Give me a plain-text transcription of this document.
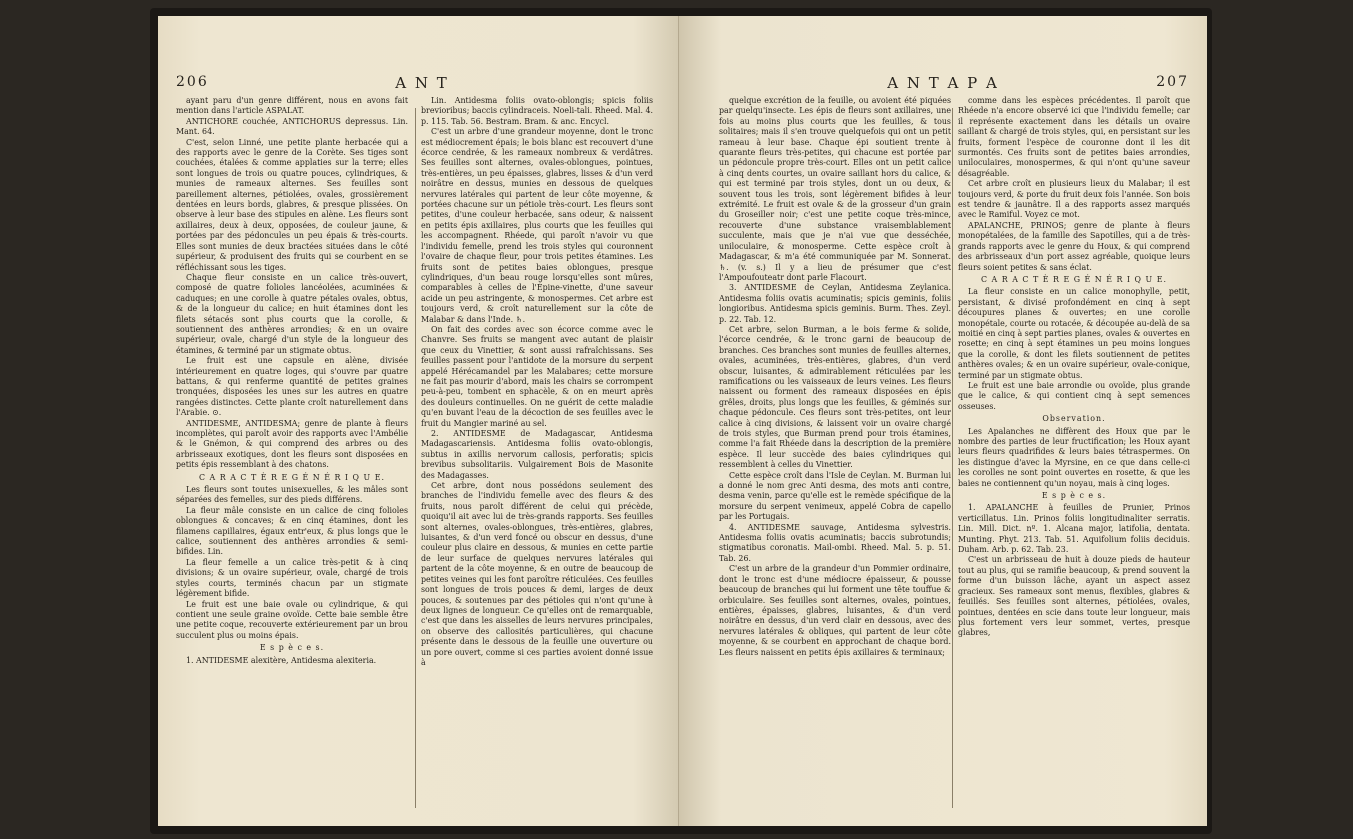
206	A N T

ayant paru d'un genre différent, nous en avons fait mention dans l'article ASPALAT.

ANTICHORE couchée, ANTICHORUS depressus. Lin. Mant. 64.

C'est, selon Linné, une petite plante herbacée qui a des rapports avec le genre de la Corète. Ses tiges sont couchées, étalées & comme applaties sur la terre; elles sont longues de trois ou quatre pouces, cylindriques, & munies de rameaux alternes. Ses feuilles sont pareillement alternes, pétiolées, ovales, grossièrement dentées en leurs bords, glabres, & presque plissées. On observe à leur base des stipules en alène. Les fleurs sont axillaires, deux à deux, opposées, de couleur jaune, & portées par des pédoncules un peu épais & très-courts. Elles sont munies de deux bractées situées dans le côté supérieur, & produisent des fruits qui se courbent en se réfléchissant sous les tiges.

Chaque fleur consiste en un calice très-ouvert, composé de quatre folioles lancéolées, acuminées & caduques; en une corolle à quatre pétales ovales, obtus, & de la longueur du calice; en huit étamines dont les filets sétacés sont plus courts que la corolle, & soutiennent des anthères arrondies; & en un ovaire supérieur, ovale, chargé d'un style de la longueur des étamines, & terminé par un stigmate obtus.

Le fruit est une capsule en alène, divisée intérieurement en quatre loges, qui s'ouvre par quatre battans, & qui renferme quantité de petites graines tronquées, disposées les unes sur les autres en quatre rangées distinctes. Cette plante croît naturellement dans l'Arabie. ⊙.

ANTIDESME, ANTIDESMA; genre de plante à fleurs incomplètes, qui paroît avoir des rapports avec l'Ambélie & le Gnémon, & qui comprend des arbres ou des arbrisseaux exotiques, dont les fleurs sont disposées en petits épis ressemblant à des chatons.

C A R A C T È R E G É N É R I Q U E.

Les fleurs sont toutes unisexuelles, & les mâles sont séparées des femelles, sur des pieds différens.

La fleur mâle consiste en un calice de cinq folioles oblongues & concaves; & en cinq étamines, dont les filamens capillaires, égaux entr'eux, & plus longs que le calice, soutiennent des anthères arrondies & semi-bifides. Lin.

La fleur femelle a un calice très-petit & à cinq divisions; & un ovaire supérieur, ovale, chargé de trois styles courts, terminés chacun par un stigmate légèrement bifide.

Le fruit est une baie ovale ou cylindrique, & qui contient une seule graine ovoïde. Cette baie semble être une petite coque, recouverte extérieurement par un brou succulent plus ou moins épais.

E s p è c e s.

1. ANTIDESME alexitère, Antidesma alexiteria.

Lin. Antidesma foliis ovato-oblongis; spicis foliis brevioribus; baccis cylindraceis. Noeli-tali. Rheed. Mal. 4. p. 115. Tab. 56. Bestram. Bram. & anc. Encycl.

C'est un arbre d'une grandeur moyenne, dont le tronc est médiocrement épais; le bois blanc est recouvert d'une écorce cendrée, & les rameaux nombreux & verdâtres. Ses feuilles sont alternes, ovales-oblongues, pointues, très-entières, un peu épaisses, glabres, lisses & d'un verd noirâtre en dessus, munies en dessous de quelques nervures latérales qui partent de leur côte moyenne, & portées chacune sur un pétiole très-court. Les fleurs sont petites, d'une couleur herbacée, sans odeur, & naissent en petits épis axillaires, plus courts que les feuilles qui les accompagnent. Rhéede, qui paroît n'avoir vu que l'individu femelle, prend les trois styles qui couronnent l'ovaire de chaque fleur, pour trois petites étamines. Les fruits sont de petites baies oblongues, presque cylindriques, d'un beau rouge lorsqu'elles sont mûres, comparables à celles de l'Épine-vinette, d'une saveur acide un peu astringente, & monospermes. Cet arbre est toujours verd, & croît naturellement sur la côte de Malabar & dans l'Inde. ♄.

On fait des cordes avec son écorce comme avec le Chanvre. Ses fruits se mangent avec autant de plaisir que ceux du Vinettier, & sont aussi rafraîchissans. Ses feuilles passent pour l'antidote de la morsure du serpent appelé Hérécamandel par les Malabares; cette morsure ne fait pas mourir d'abord, mais les chairs se corrompent peu-à-peu, tombent en sphacèle, & on en meurt après des douleurs continuelles. On ne guérit de cette maladie qu'en buvant l'eau de la décoction de ses feuilles avec le fruit du Mangier mariné au sel.

2. ANTIDESME de Madagascar, Antidesma Madagascariensis. Antidesma foliis ovato-oblongis, subtus in axillis nervorum callosis, perforatis; spicis brevibus subsolitariis. Vulgairement Bois de Masonite des Madagasses.

Cet arbre, dont nous possédons seulement des branches de l'individu femelle avec des fleurs & des fruits, nous paroît différent de celui qui précède, quoiqu'il ait avec lui de très-grands rapports. Ses feuilles sont alternes, ovales-oblongues, très-entières, glabres, luisantes, & d'un verd foncé ou obscur en dessus, d'une couleur plus claire en dessous, & munies en cette partie de leur surface de quelques nervures latérales qui partent de la côte moyenne, & en outre de beaucoup de petites veines qui les font paroître réticulées. Ces feuilles sont longues de trois pouces & demi, larges de deux pouces, & soutenues par des pétioles qui n'ont qu'une à deux lignes de longueur. Ce qu'elles ont de remarquable, c'est que dans les aisselles de leurs nervures principales, on observe des callosités particulières, qui chacune présente dans le dessous de la feuille une ouverture ou un pore ouvert, comme si ces parties avoient donné issue à

A N T A P A	207

quelque excrétion de la feuille, ou avoient été piquées par quelqu'insecte. Les épis de fleurs sont axillaires, une fois au moins plus courts que les feuilles, & tous solitaires; mais il s'en trouve quelquefois qui ont un petit rameau à leur base. Chaque épi soutient trente à quarante fleurs très-petites, qui chacune est portée par un pédoncule propre très-court. Elles ont un petit calice à cinq dents courtes, un ovaire saillant hors du calice, & qui est terminé par trois styles, dont un ou deux, & souvent tous les trois, sont légèrement bifides à leur extrémité. Le fruit est ovale & de la grosseur d'un grain du Groseiller noir; c'est une petite coque très-mince, recouverte d'une substance vraisemblablement succulente, mais que je n'ai vue que desséchée, uniloculaire, & monosperme. Cette espèce croît à Madagascar, & m'a été communiquée par M. Sonnerat. ♄. (v. s.) Il y a lieu de présumer que c'est l'Ampoufouteatr dont parle Flacourt.

3. ANTIDESME de Ceylan, Antidesma Zeylanica. Antidesma foliis ovatis acuminatis; spicis geminis, foliis longioribus. Antidesma spicis geminis. Burm. Thes. Zeyl. p. 22. Tab. 12.

Cet arbre, selon Burman, a le bois ferme & solide, l'écorce cendrée, & le tronc garni de beaucoup de branches. Ces branches sont munies de feuilles alternes, ovales, acuminées, très-entières, glabres, d'un verd obscur, luisantes, & admirablement réticulées par les ramifications ou les vaisseaux de leurs veines. Les fleurs naissent ou forment des rameaux disposées en épis grêles, droits, plus longs que les feuilles, & géminés sur chaque pédoncule. Ces fleurs sont très-petites, ont leur calice à cinq divisions, & laissent voir un ovaire chargé de trois styles, que Burman prend pour trois étamines, comme l'a fait Rhéede dans la description de la première espèce. Il leur succède des baies cylindriques qui ressemblent à celles du Vinettier.

Cette espèce croît dans l'Isle de Ceylan. M. Burman lui a donné le nom grec Anti desma, des mots anti contre, desma venin, parce qu'elle est le remède spécifique de la morsure du serpent venimeux, appelé Cobra de capello par les Portugais.

4. ANTIDESME sauvage, Antidesma sylvestris. Antidesma foliis ovatis acuminatis; baccis subrotundis; stigmatibus coronatis. Mail-ombi. Rheed. Mal. 5. p. 51. Tab. 26.

C'est un arbre de la grandeur d'un Pommier ordinaire, dont le tronc est d'une médiocre épaisseur, & pousse beaucoup de branches qui lui forment une tête touffue & orbiculaire. Ses feuilles sont alternes, ovales, pointues, entières, épaisses, glabres, luisantes, & d'un verd noirâtre en dessus, d'un verd clair en dessous, avec des nervures latérales & obliques, qui partent de leur côte moyenne, & se courbent en approchant de chaque bord. Les fleurs naissent en petits épis axillaires & terminaux;

comme dans les espèces précédentes. Il paroît que Rhéede n'a encore observé ici que l'individu femelle; car il représente exactement dans les détails un ovaire saillant & chargé de trois styles, qui, en persistant sur les fruits, forment l'espèce de couronne dont il les dit surmontés. Ces fruits sont de petites baies arrondies, uniloculaires, monospermes, & qui n'ont qu'une saveur désagréable.

Cet arbre croît en plusieurs lieux du Malabar; il est toujours verd, & porte du fruit deux fois l'année. Son bois est tendre & jaunâtre. Il a des rapports assez marqués avec le Ramiful. Voyez ce mot.

APALANCHE, PRINOS; genre de plante à fleurs monopétalées, de la famille des Sapotilles, qui a de très-grands rapports avec le genre du Houx, & qui comprend des arbrisseaux d'un port assez agréable, quoique leurs fleurs soient petites & sans éclat.

C A R A C T È R E G É N É R I Q U E.

La fleur consiste en un calice monophylle, petit, persistant, & divisé profondément en cinq à sept découpures planes & ouvertes; en une corolle monopétale, courte ou rotacée, & découpée au-delà de sa moitié en cinq à sept parties planes, ovales & ouvertes en rosette; en cinq à sept étamines un peu moins longues que la corolle, & dont les filets soutiennent de petites anthères ovales; & en un ovaire supérieur, ovale-conique, terminé par un stigmate obtus.

Le fruit est une baie arrondie ou ovoïde, plus grande que le calice, & qui contient cinq à sept semences osseuses.

Observation.

Les Apalanches ne diffèrent des Houx que par le nombre des parties de leur fructification; les Houx ayant leurs fleurs quadrifides & leurs baies tétraspermes. On les distingue d'avec la Myrsine, en ce que dans celle-ci les corolles ne sont point ouvertes en rosette, & que les baies ne contiennent qu'un noyau, mais à cinq loges.

E s p è c e s.

1. APALANCHE à feuilles de Prunier, Prinos verticillatus. Lin. Prinos foliis longitudinaliter serratis. Lin. Mill. Dict. nº. 1. Alcana major, latifolia, dentata. Munting. Phyt. 213. Tab. 51. Aquifolium foliis deciduis. Duham. Arb. p. 62. Tab. 23.

C'est un arbrisseau de huit à douze pieds de hauteur tout au plus, qui se ramifie beaucoup, & prend souvent la forme d'un buisson lâche, ayant un aspect assez gracieux. Ses rameaux sont menus, flexibles, glabres & feuillés. Ses feuilles sont alternes, pétiolées, ovales, pointues, dentées en scie dans toute leur longueur, mais plus fortement vers leur sommet, vertes, presque glabres,
